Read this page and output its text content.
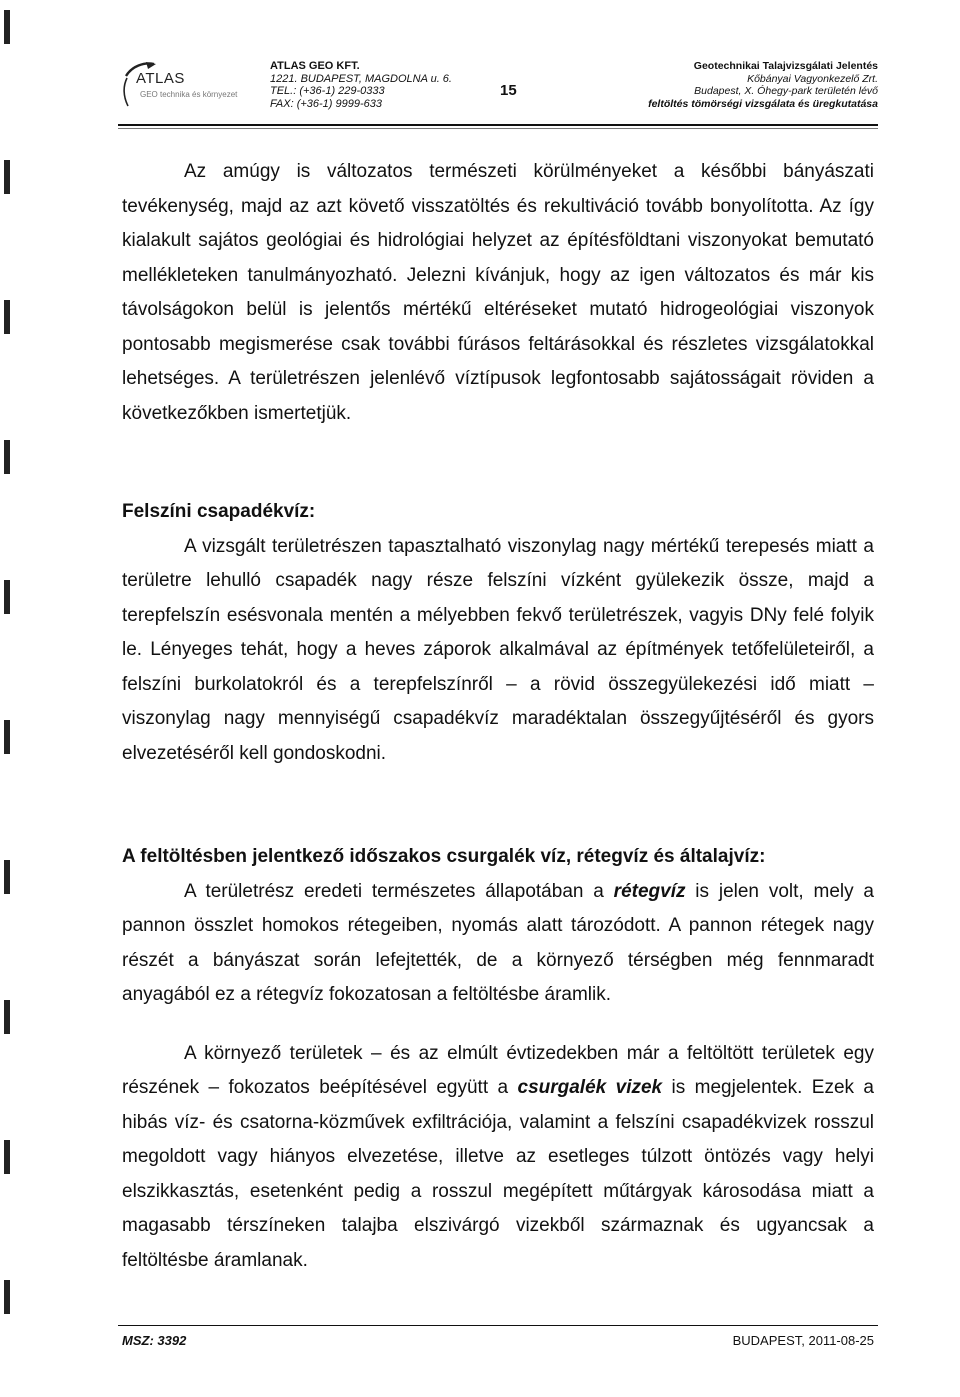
ATLAS
GEO technika és környezet
ATLAS GEO KFT.
1221. BUDAPEST, MAGDOLNA u. 6.
TEL.: (+36-1) 229-0333
FAX: (+36-1) 9999-633
15
Geotechnikai Talajvizsgálati Jelentés
Kőbányai Vagyonkezelő Zrt.
Budapest, X. Óhegy-park területén lévő
feltöltés tömörségi vizsgálata és üregkutatása

Az amúgy is változatos természeti körülményeket a későbbi bányászati tevékenység, majd az azt követő visszatöltés és rekultiváció tovább bonyolította. Az így kialakult sajátos geológiai és hidrológiai helyzet az építésföldtani viszonyokat bemutató mellékleteken tanulmányozható. Jelezni kívánjuk, hogy az igen változatos és már kis távolságokon belül is jelentős mértékű eltéréseket mutató hidrogeológiai viszonyok pontosabb megismerése csak további fúrásos feltárásokkal és részletes vizsgálatokkal lehetséges. A területrészen jelenlévő víztípusok legfontosabb sajátosságait röviden a következőkben ismertetjük.

Felszíni csapadékvíz:

A vizsgált területrészen tapasztalható viszonylag nagy mértékű terepesés miatt a területre lehulló csapadék nagy része felszíni vízként gyülekezik össze, majd a terepfelszín esésvonala mentén a mélyebben fekvő területrészek, vagyis DNy felé folyik le. Lényeges tehát, hogy a heves záporok alkalmával az építmények tetőfelületeiről, a felszíni burkolatokról és a terepfelszínről – a rövid összegyülekezési idő miatt – viszonylag nagy mennyiségű csapadékvíz maradéktalan összegyűjtéséről és gyors elvezetéséről kell gondoskodni.

A feltöltésben jelentkező időszakos csurgalék víz, rétegvíz és általajvíz:

A területrész eredeti természetes állapotában a rétegvíz is jelen volt, mely a pannon összlet homokos rétegeiben, nyomás alatt tározódott. A pannon rétegek nagy részét a bányászat során lefejtették, de a környező térségben még fennmaradt anyagából ez a rétegvíz fokozatosan a feltöltésbe áramlik.

A környező területek – és az elmúlt évtizedekben már a feltöltött területek egy részének – fokozatos beépítésével együtt a csurgalék vizek is megjelentek. Ezek a hibás víz- és csatorna-közművek exfiltrációja, valamint a felszíni csapadékvizek rosszul megoldott vagy hiányos elvezetése, illetve az esetleges túlzott öntözés vagy helyi elszikkasztás, esetenként pedig a rosszul megépített műtárgyak károsodása miatt a magasabb térszíneken talajba elszivárgó vizekből származnak és ugyancsak a feltöltésbe áramlanak.

MSZ: 3392	BUDAPEST, 2011-08-25
